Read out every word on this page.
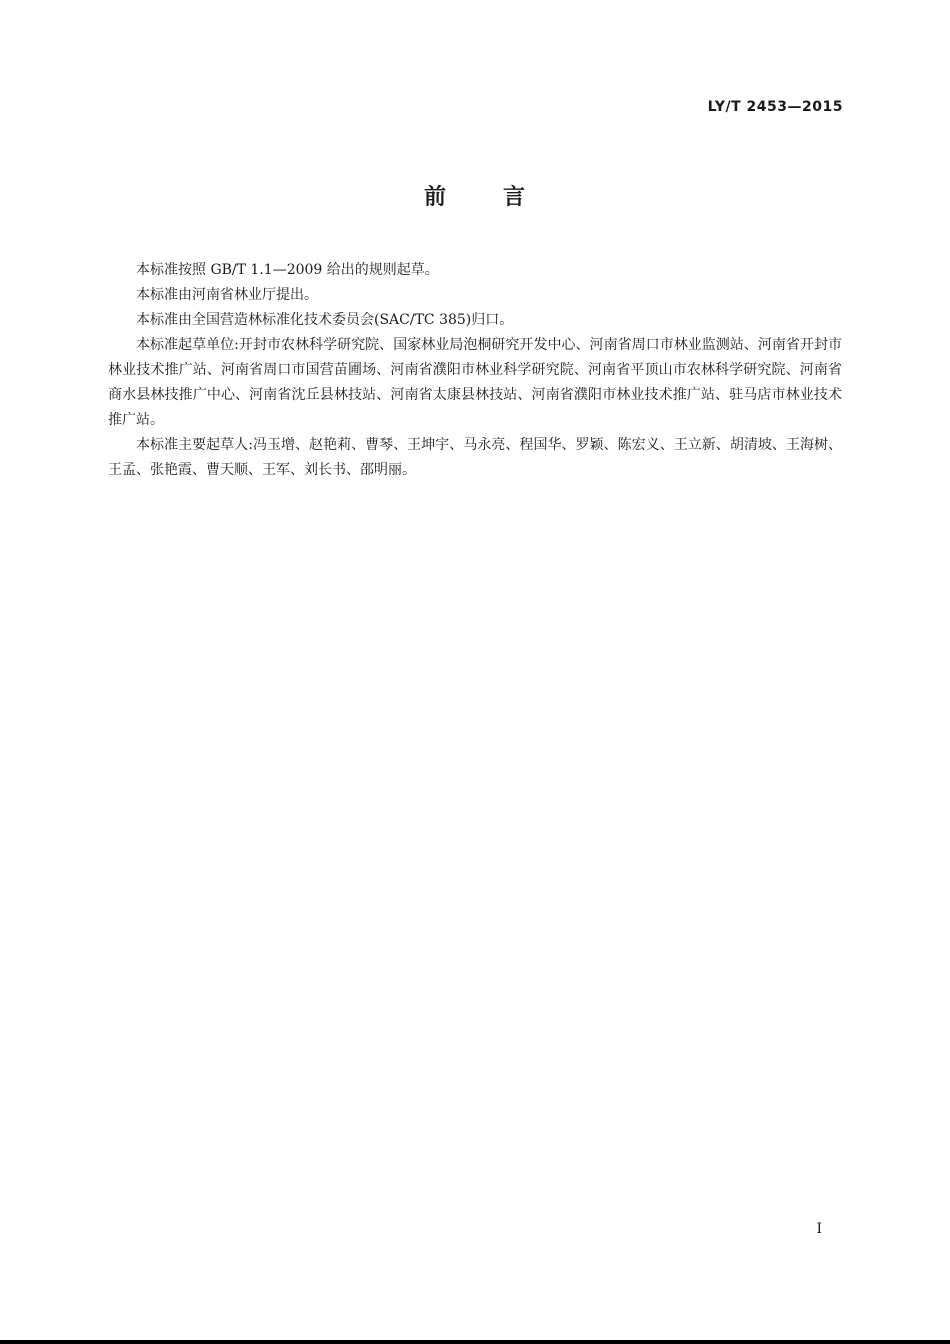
LY/T 2453—2015
前	言

本标准按照 GB/T 1.1—2009 给出的规则起草。

本标准由河南省林业厅提出。

本标准由全国营造林标准化技术委员会(SAC/TC 385)归口。

本标准起草单位:开封市农林科学研究院、国家林业局泡桐研究开发中心、河南省周口市林业监测站、河南省开封市林业技术推广站、河南省周口市国营苗圃场、河南省濮阳市林业科学研究院、河南省平顶山市农林科学研究院、河南省商水县林技推广中心、河南省沈丘县林技站、河南省太康县林技站、河南省濮阳市林业技术推广站、驻马店市林业技术推广站。

本标准主要起草人:冯玉增、赵艳莉、曹琴、王坤宇、马永亮、程国华、罗颖、陈宏义、王立新、胡清坡、王海树、王孟、张艳霞、曹天顺、王军、刘长书、邵明丽。

I
